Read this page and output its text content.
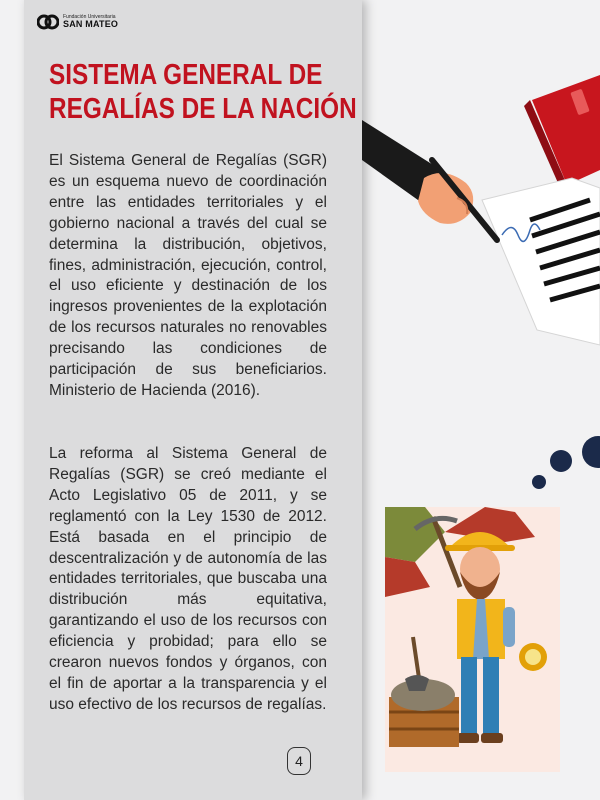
Fundación Universitaria
SAN MATEO
SISTEMA GENERAL DE
REGALÍAS DE LA NACIÓN

El Sistema General de Regalías (SGR) es un esquema nuevo de coordinación entre las entidades territoriales y el gobierno nacional a través del cual se determina la distribución, objetivos, fines, administración, ejecución, control, el uso eficiente y destinación de los ingresos provenientes de la explotación de los recursos naturales no renovables precisando las condiciones de participación de sus beneficiarios. Ministerio de Hacienda (2016).

La reforma al Sistema General de Regalías (SGR) se creó mediante el Acto Legislativo 05 de 2011, y se reglamentó con la Ley 1530 de 2012. Está basada en el principio de descentralización y de autonomía de las entidades territoriales, que buscaba una distribución más equitativa, garantizando el uso de los recursos con eficiencia y probidad; para ello se crearon nuevos fondos y órganos, con el fin de aportar a la transparencia y el uso efectivo de los recursos de regalías.

4
